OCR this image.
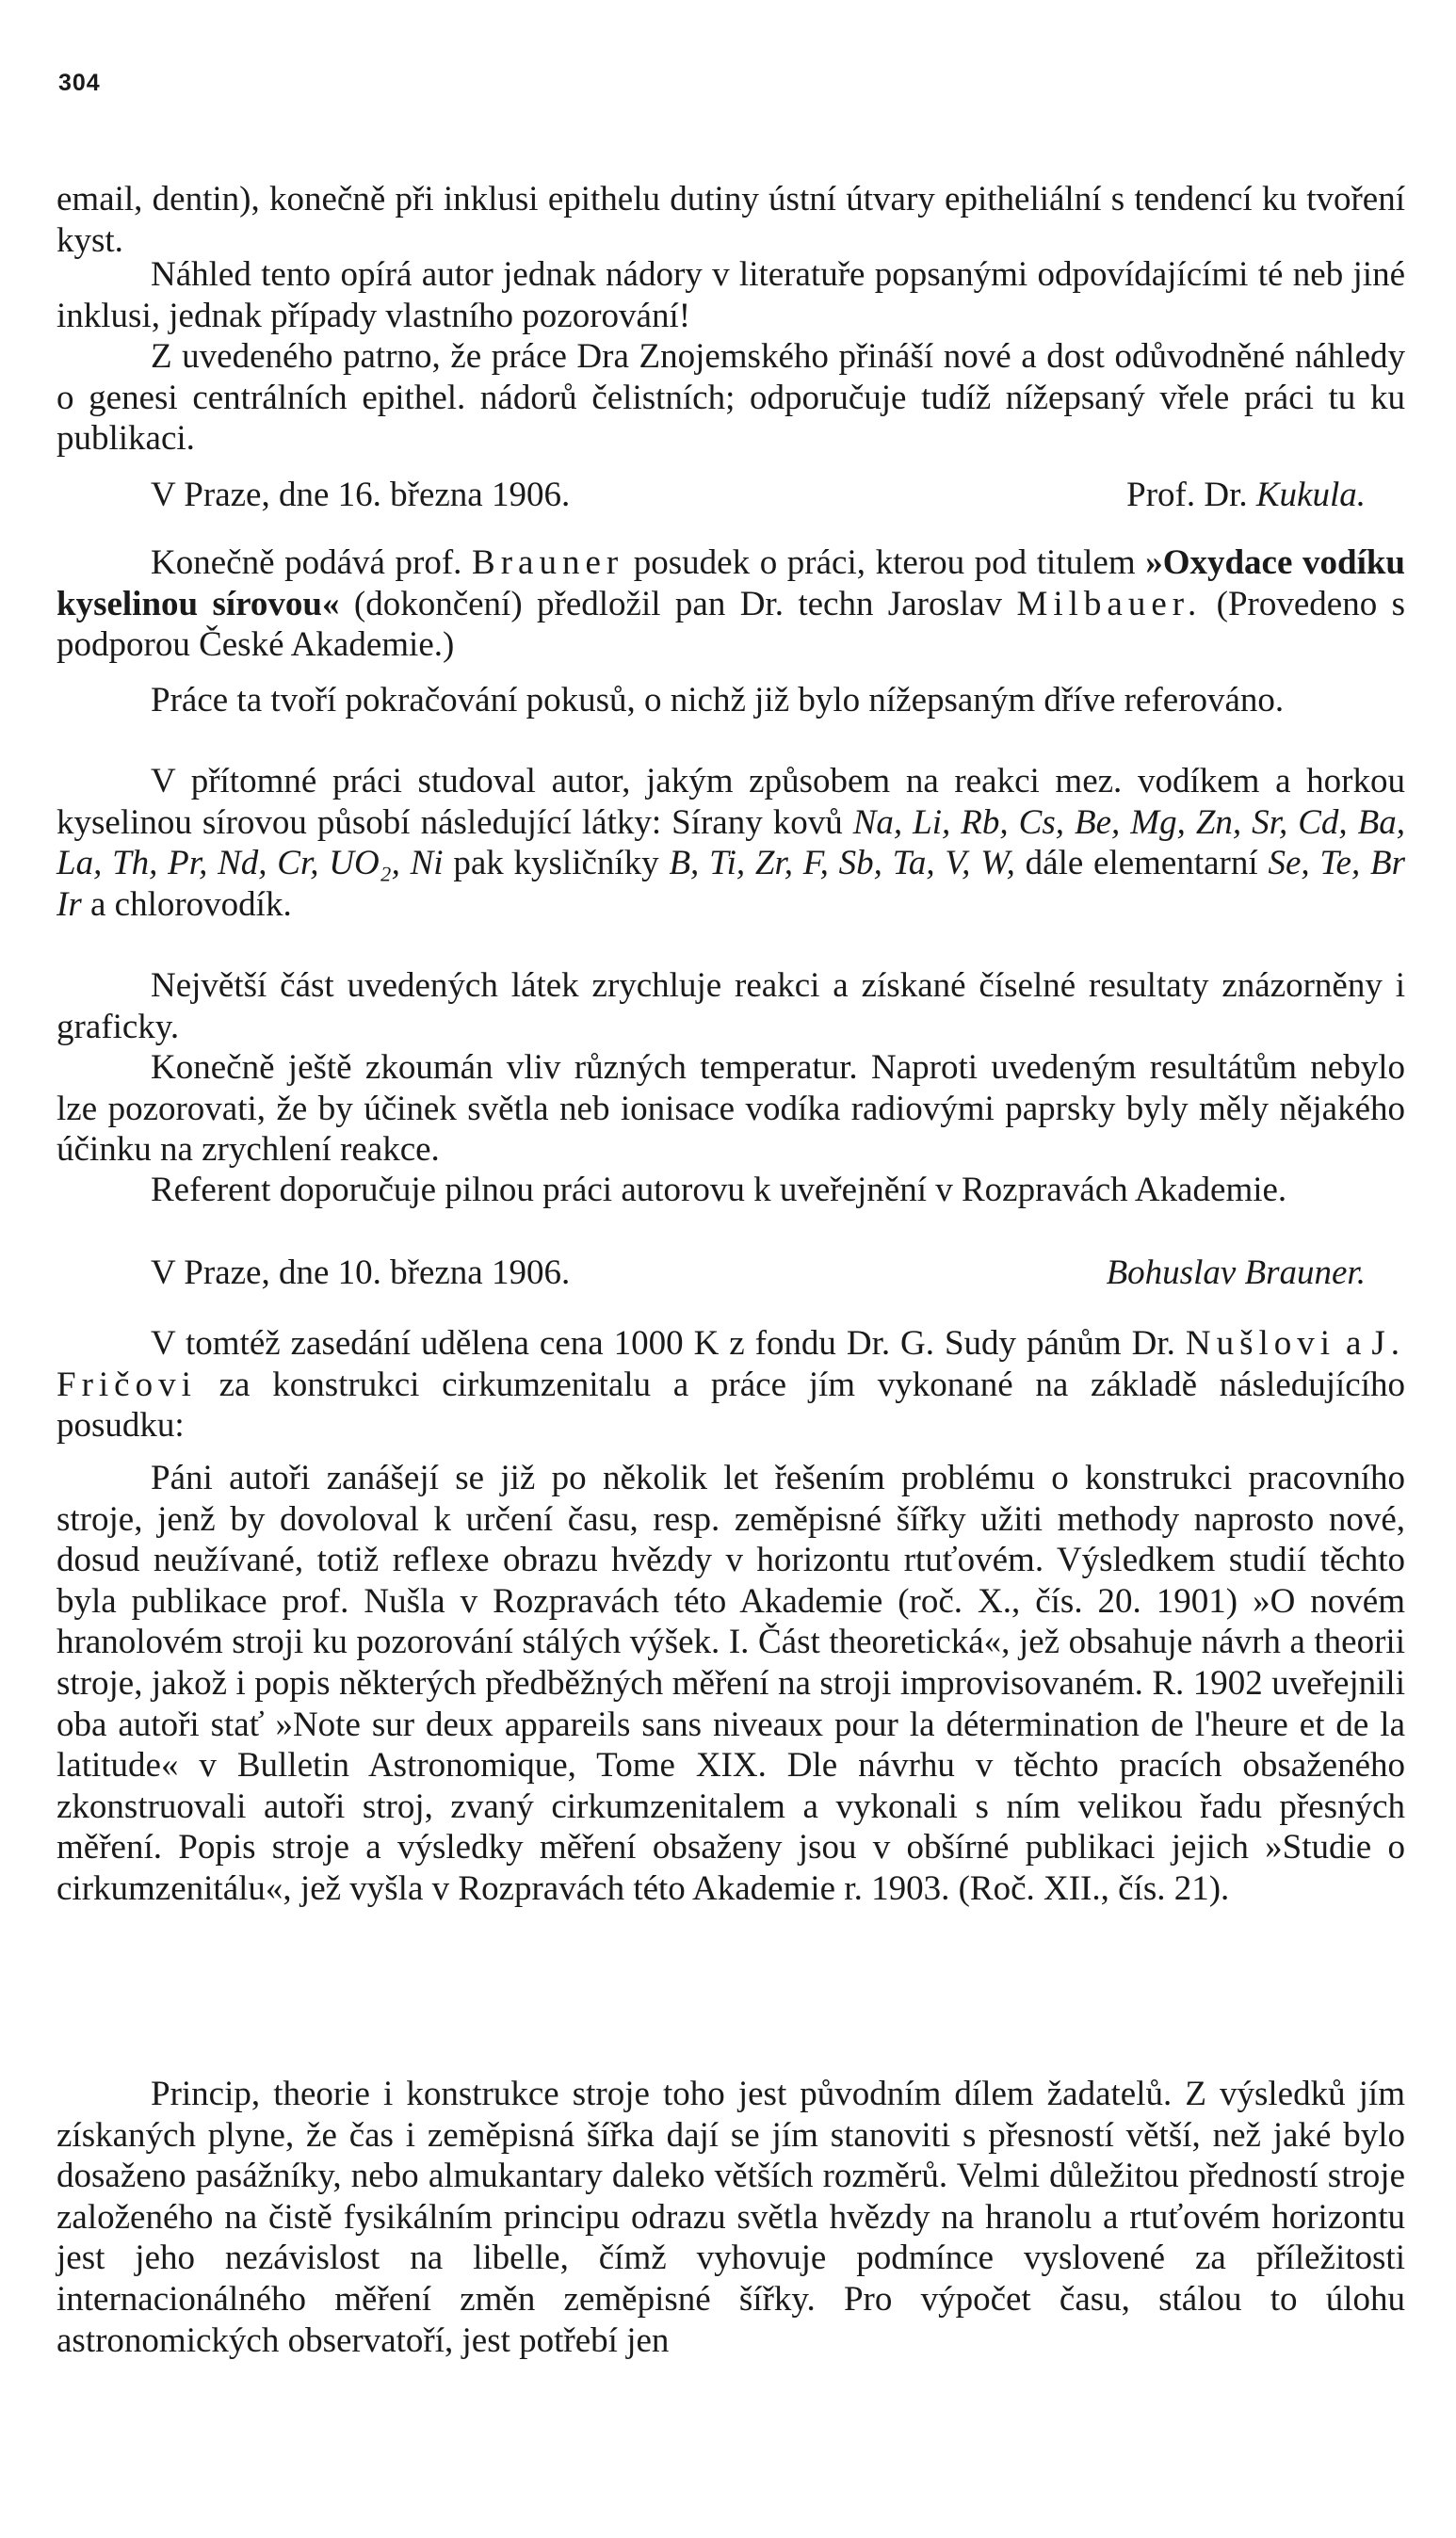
304

email, dentin), konečně při inklusi epithelu dutiny ústní útvary epitheliální s tendencí ku tvoření kyst.

Náhled tento opírá autor jednak nádory v literatuře popsanými odpovídajícími té neb jiné inklusi, jednak případy vlastního pozorování!

Z uvedeného patrno, že práce Dra Znojemského přináší nové a dost odůvodněné náhledy o genesi centrálních epithel. nádorů čelistních; odporučuje tudíž nížepsaný vřele práci tu ku publikaci.

V Praze, dne 16. března 1906.	Prof. Dr. Kukula.

Konečně podává prof. Brauner posudek o práci, kterou pod titulem »Oxydace vodíku kyselinou sírovou« (dokončení) předložil pan Dr. techn Jaroslav Milbauer. (Provedeno s podporou České Akademie.)

Práce ta tvoří pokračování pokusů, o nichž již bylo nížepsaným dříve referováno.

V přítomné práci studoval autor, jakým způsobem na reakci mez. vodíkem a horkou kyselinou sírovou působí následující látky: Sírany kovů Na, Li, Rb, Cs, Be, Mg, Zn, Sr, Cd, Ba, La, Th, Pr, Nd, Cr, UO₂, Ni pak kysličníky B, Ti, Zr, F, Sb, Ta, V, W, dále elementarní Se, Te, Br Ir a chlorovodík.

Největší část uvedených látek zrychluje reakci a získané číselné resultaty znázorněny i graficky.

Konečně ještě zkoumán vliv různých temperatur. Naproti uvedeným resultátům nebylo lze pozorovati, že by účinek světla neb ionisace vodíka radiovými paprsky byly měly nějakého účinku na zrychlení reakce.

Referent doporučuje pilnou práci autorovu k uveřejnění v Rozpravách Akademie.

V Praze, dne 10. března 1906.	Bohuslav Brauner.

V tomtéž zasedání udělena cena 1000 K z fondu Dr. G. Sudy pánům Dr. Nušlovi a J. Fričovi za konstrukci cirkumzenitalu a práce jím vykonané na základě následujícího posudku:

Páni autoři zanášejí se již po několik let řešením problému o konstrukci pracovního stroje, jenž by dovoloval k určení času, resp. zeměpisné šířky užiti methody naprosto nové, dosud neužívané, totiž reflexe obrazu hvězdy v horizontu rtuťovém. Výsledkem studií těchto byla publikace prof. Nušla v Rozpravách této Akademie (roč. X., čís. 20. 1901) »O novém hranolovém stroji ku pozorování stálých výšek. I. Část theoretická«, jež obsahuje návrh a theorii stroje, jakož i popis některých předběžných měření na stroji improvisovaném. R. 1902 uveřejnili oba autoři stať »Note sur deux appareils sans niveaux pour la détermination de l'heure et de la latitude« v Bulletin Astronomique, Tome XIX. Dle návrhu v těchto pracích obsaženého zkonstruovali autoři stroj, zvaný cirkumzenitalem a vykonali s ním velikou řadu přesných měření. Popis stroje a výsledky měření obsaženy jsou v obšírné publikaci jejich »Studie o cirkumzenitálu«, jež vyšla v Rozpravách této Akademie r. 1903. (Roč. XII., čís. 21).

Princip, theorie i konstrukce stroje toho jest původním dílem žadatelů. Z výsledků jím získaných plyne, že čas i zeměpisná šířka dají se jím stanoviti s přesností větší, než jaké bylo dosaženo pasážníky, nebo almukantary daleko větších rozměrů. Velmi důležitou předností stroje založeného na čistě fysikálním principu odrazu světla hvězdy na hranolu a rtuťovém horizontu jest jeho nezávislost na libelle, čímž vyhovuje podmínce vyslovené za příležitosti internacionálného měření změn zeměpisné šířky. Pro výpočet času, stálou to úlohu astronomických observatoří, jest potřebí jen
